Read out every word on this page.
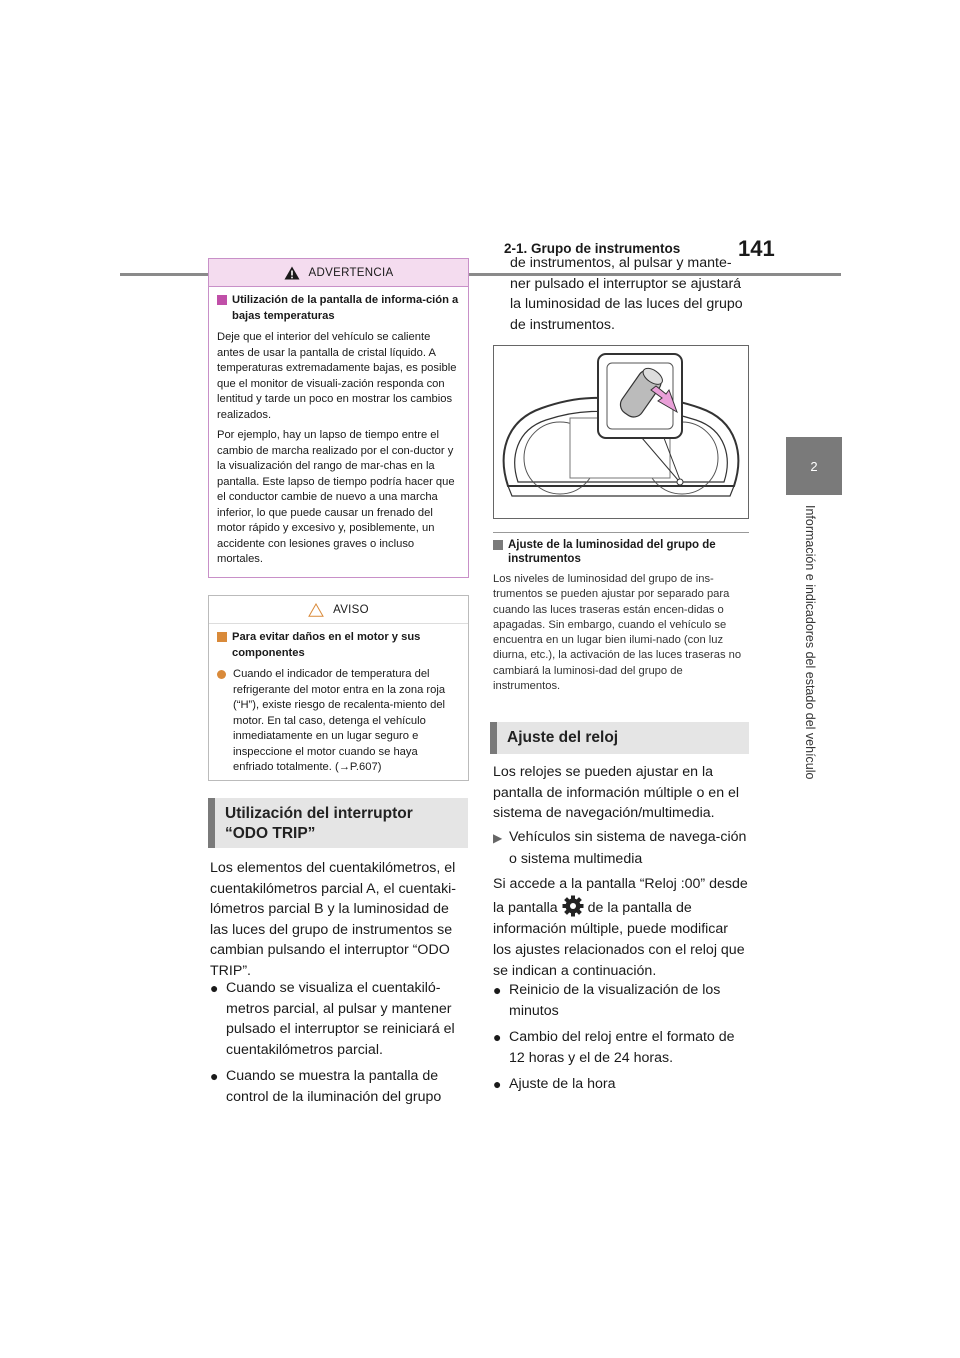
2-1. Grupo de instrumentos	141
2
Información e indicadores del estado del vehículo
ADVERTENCIA
Utilización de la pantalla de informa-ción a bajas temperaturas

Deje que el interior del vehículo se caliente antes de usar la pantalla de cristal líquido. A temperaturas extremadamente bajas, es posible que el monitor de visuali-zación responda con lentitud y tarde un poco en mostrar los cambios realizados.

Por ejemplo, hay un lapso de tiempo entre el cambio de marcha realizado por el con-ductor y la visualización del rango de mar-chas en la pantalla. Este lapso de tiempo podría hacer que el conductor cambie de nuevo a una marcha inferior, lo que puede causar un frenado del motor rápido y excesivo y, posiblemente, un accidente con lesiones graves o incluso mortales.

AVISO
Para evitar daños en el motor y sus componentes
Cuando el indicador de temperatura del refrigerante del motor entra en la zona roja (“H”), existe riesgo de recalenta-miento del motor. En tal caso, detenga el vehículo inmediatamente en un lugar seguro e inspeccione el motor cuando se haya enfriado totalmente. (→P.607)
Utilización del interruptor “ODO TRIP”
Los elementos del cuentakilómetros, el cuentakilómetros parcial A, el cuentaki-lómetros parcial B y la luminosidad de las luces del grupo de instrumentos se cambian pulsando el interruptor “ODO TRIP”.
● Cuando se visualiza el cuentakiló-metros parcial, al pulsar y mantener pulsado el interruptor se reiniciará el cuentakilómetros parcial.
● Cuando se muestra la pantalla de control de la iluminación del grupo
de instrumentos, al pulsar y mante-ner pulsado el interruptor se ajustará la luminosidad de las luces del grupo de instrumentos.
Ajuste de la luminosidad del grupo de instrumentos
Los niveles de luminosidad del grupo de ins-trumentos se pueden ajustar por separado para cuando las luces traseras están encen-didas o apagadas. Sin embargo, cuando el vehículo se encuentra en un lugar bien ilumi-nado (con luz diurna, etc.), la activación de las luces traseras no cambiará la luminosi-dad del grupo de instrumentos.
Ajuste del reloj
Los relojes se pueden ajustar en la pantalla de información múltiple o en el sistema de navegación/multimedia.
▶ Vehículos sin sistema de navega-ción o sistema multimedia
Si accede a la pantalla “Reloj :00” desde la pantalla de la pantalla de información múltiple, puede modificar los ajustes relacionados con el reloj que se indican a continuación.
● Reinicio de la visualización de los minutos
● Cambio del reloj entre el formato de 12 horas y el de 24 horas.
● Ajuste de la hora
